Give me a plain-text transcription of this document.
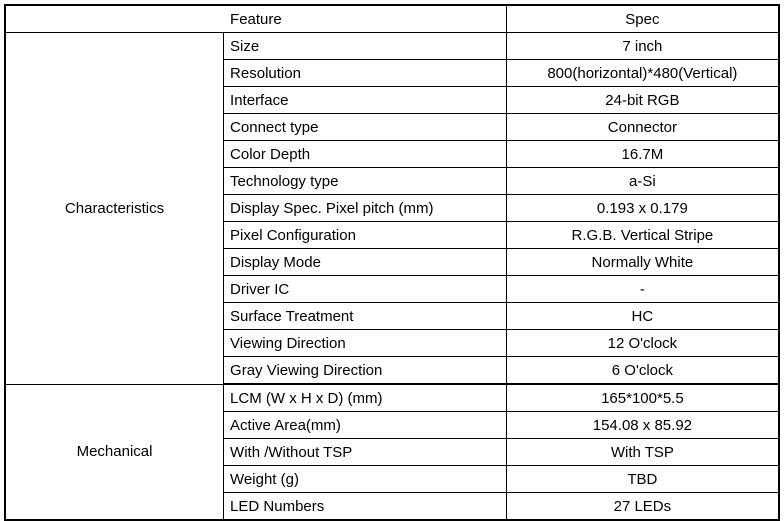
Feature		Spec
Characteristics	Size	7 inch
	Resolution	800(horizontal)*480(Vertical)
	Interface	24-bit RGB
	Connect type	Connector
	Color Depth	16.7M
	Technology type	a-Si
	Display Spec. Pixel pitch (mm)	0.193 x 0.179
	Pixel Configuration	R.G.B. Vertical Stripe
	Display Mode	Normally White
	Driver IC	-
	Surface Treatment	HC
	Viewing Direction	12 O'clock
	Gray Viewing Direction	6 O'clock
Mechanical	LCM (W x H x D) (mm)	165*100*5.5
	Active Area(mm)	154.08 x 85.92
	With /Without TSP	With TSP
	Weight (g)	TBD
	LED Numbers	27 LEDs
